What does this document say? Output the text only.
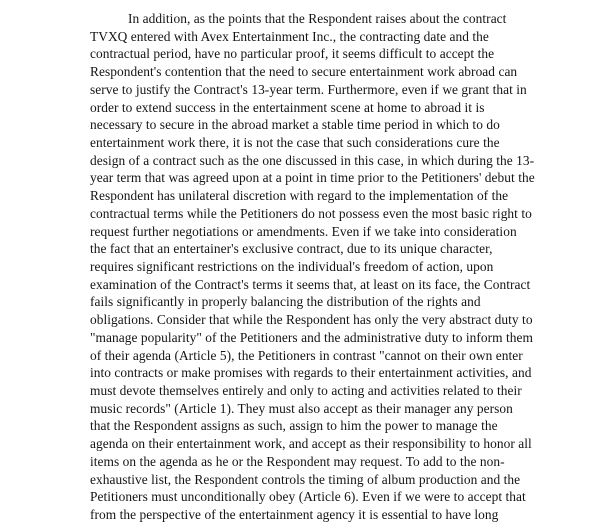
In addition, as the points that the Respondent raises about the contract
TVXQ entered with Avex Entertainment Inc., the contracting date and the
contractual period, have no particular proof, it seems difficult to accept the
Respondent's contention that the need to secure entertainment work abroad can
serve to justify the Contract's 13-year term. Furthermore, even if we grant that in
order to extend success in the entertainment scene at home to abroad it is
necessary to secure in the abroad market a stable time period in which to do
entertainment work there, it is not the case that such considerations cure the
design of a contract such as the one discussed in this case, in which during the 13-
year term that was agreed upon at a point in time prior to the Petitioners' debut the
Respondent has unilateral discretion with regard to the implementation of the
contractual terms while the Petitioners do not possess even the most basic right to
request further negotiations or amendments. Even if we take into consideration
the fact that an entertainer's exclusive contract, due to its unique character,
requires significant restrictions on the individual's freedom of action, upon
examination of the Contract's terms it seems that, at least on its face, the Contract
fails significantly in properly balancing the distribution of the rights and
obligations. Consider that while the Respondent has only the very abstract duty to
"manage popularity" of the Petitioners and the administrative duty to inform them
of their agenda (Article 5), the Petitioners in contrast "cannot on their own enter
into contracts or make promises with regards to their entertainment activities, and
must devote themselves entirely and only to acting and activities related to their
music records" (Article 1). They must also accept as their manager any person
that the Respondent assigns as such, assign to him the power to manage the
agenda on their entertainment work, and accept as their responsibility to honor all
items on the agenda as he or the Respondent may request. To add to the non-
exhaustive list, the Respondent controls the timing of album production and the
Petitioners must unconditionally obey (Article 6). Even if we were to accept that
from the perspective of the entertainment agency it is essential to have long
